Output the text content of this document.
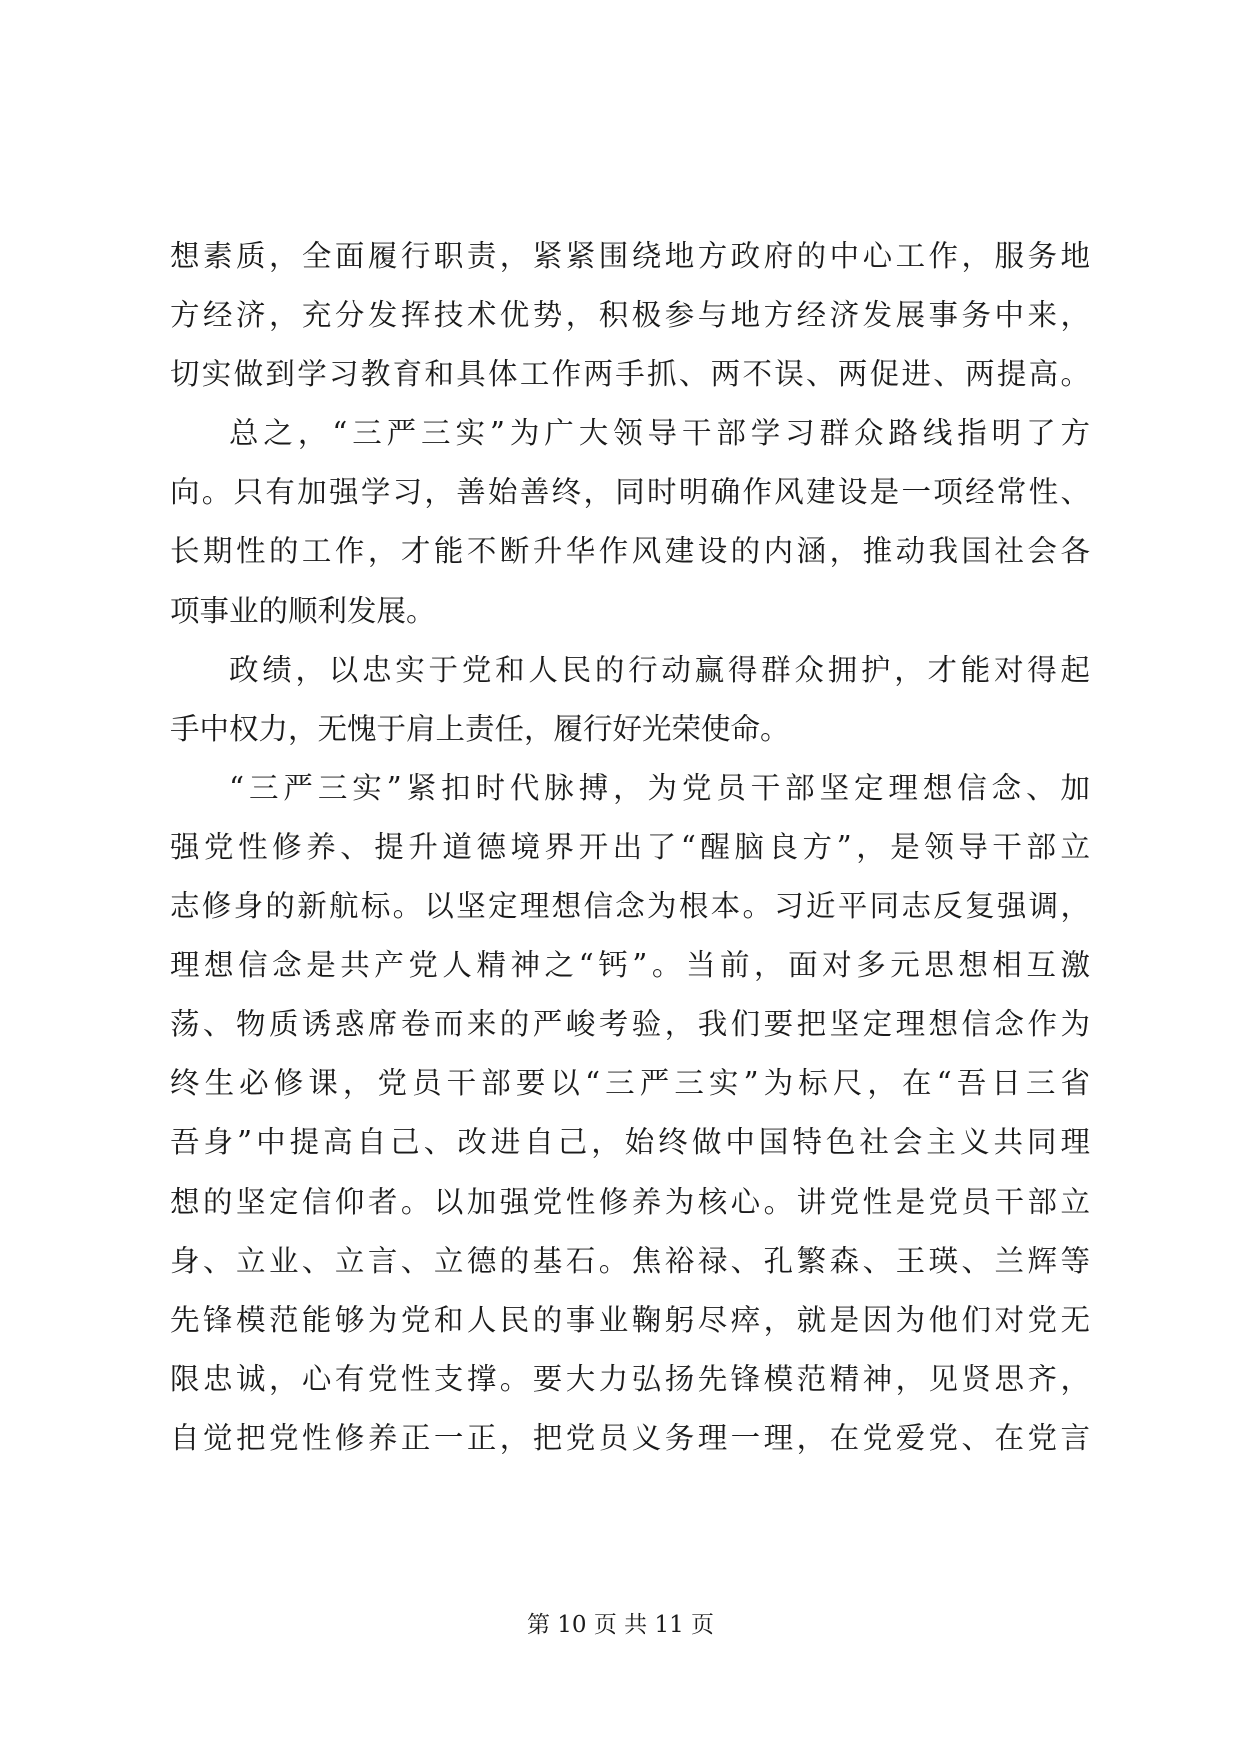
想素质，全面履行职责，紧紧围绕地方政府的中心工作，服务地
方经济，充分发挥技术优势，积极参与地方经济发展事务中来，
切实做到学习教育和具体工作两手抓、两不误、两促进、两提高。
总之，“三严三实”为广大领导干部学习群众路线指明了方
向。只有加强学习，善始善终，同时明确作风建设是一项经常性、
长期性的工作，才能不断升华作风建设的内涵，推动我国社会各
项事业的顺利发展。
政绩，以忠实于党和人民的行动赢得群众拥护，才能对得起
手中权力，无愧于肩上责任，履行好光荣使命。
“三严三实”紧扣时代脉搏，为党员干部坚定理想信念、加
强党性修养、提升道德境界开出了“醒脑良方”，是领导干部立
志修身的新航标。以坚定理想信念为根本。习近平同志反复强调，
理想信念是共产党人精神之“钙”。当前，面对多元思想相互激
荡、物质诱惑席卷而来的严峻考验，我们要把坚定理想信念作为
终生必修课，党员干部要以“三严三实”为标尺，在“吾日三省
吾身”中提高自己、改进自己，始终做中国特色社会主义共同理
想的坚定信仰者。以加强党性修养为核心。讲党性是党员干部立
身、立业、立言、立德的基石。焦裕禄、孔繁森、王瑛、兰辉等
先锋模范能够为党和人民的事业鞠躬尽瘁，就是因为他们对党无
限忠诚，心有党性支撑。要大力弘扬先锋模范精神，见贤思齐，
自觉把党性修养正一正，把党员义务理一理，在党爱党、在党言
第 10 页 共 11 页
